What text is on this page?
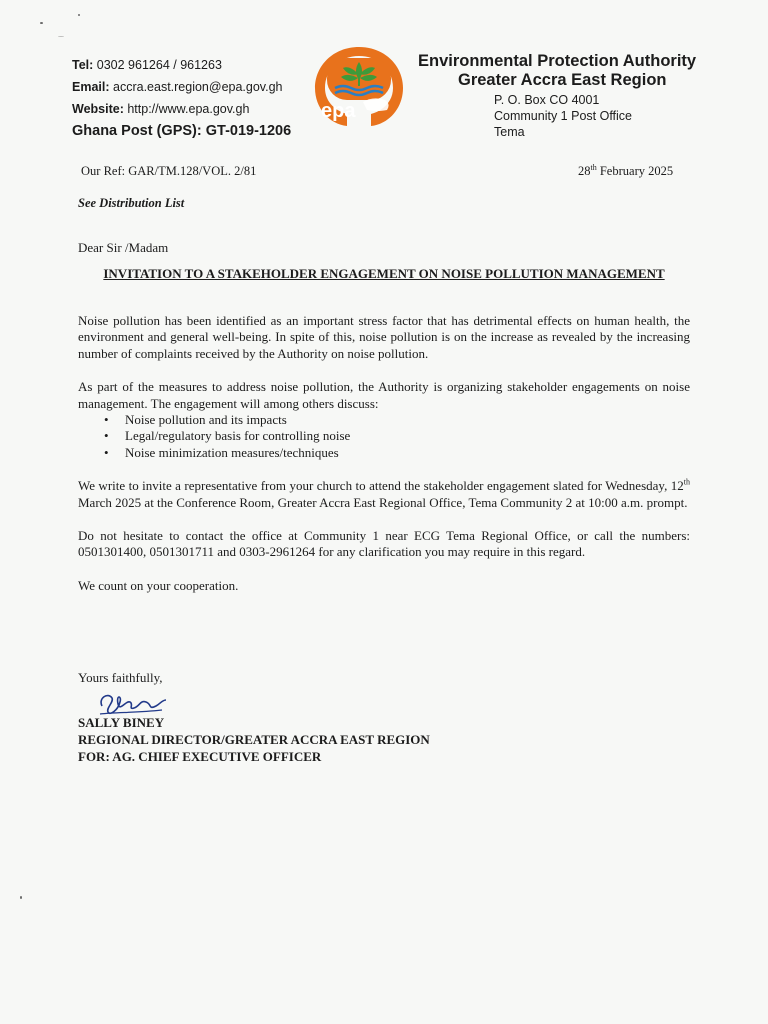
Tel: 0302 961264 / 961263
Email: accra.east.region@epa.gov.gh
Website: http://www.epa.gov.gh
Ghana Post (GPS): GT-019-1206
epa
Environmental Protection Authority
Greater Accra East Region
P. O. Box CO 4001
Community 1 Post Office
Tema
Our Ref: GAR/TM.128/VOL. 2/81	28th February 2025
See Distribution List
Dear Sir /Madam
INVITATION TO A STAKEHOLDER ENGAGEMENT ON NOISE POLLUTION MANAGEMENT

Noise pollution has been identified as an important stress factor that has detrimental effects on human health, the environment and general well-being. In spite of this, noise pollution is on the increase as revealed by the increasing number of complaints received by the Authority on noise pollution.

As part of the measures to address noise pollution, the Authority is organizing stakeholder engagements on noise management. The engagement will among others discuss:

• Noise pollution and its impacts
• Legal/regulatory basis for controlling noise
• Noise minimization measures/techniques

We write to invite a representative from your church to attend the stakeholder engagement slated for Wednesday, 12th March 2025 at the Conference Room, Greater Accra East Regional Office, Tema Community 2 at 10:00 a.m. prompt.

Do not hesitate to contact the office at Community 1 near ECG Tema Regional Office, or call the numbers: 0501301400, 0501301711 and 0303-2961264 for any clarification you may require in this regard.

We count on your cooperation.

Yours faithfully,
SALLY BINEY
REGIONAL DIRECTOR/GREATER ACCRA EAST REGION
FOR: AG. CHIEF EXECUTIVE OFFICER
